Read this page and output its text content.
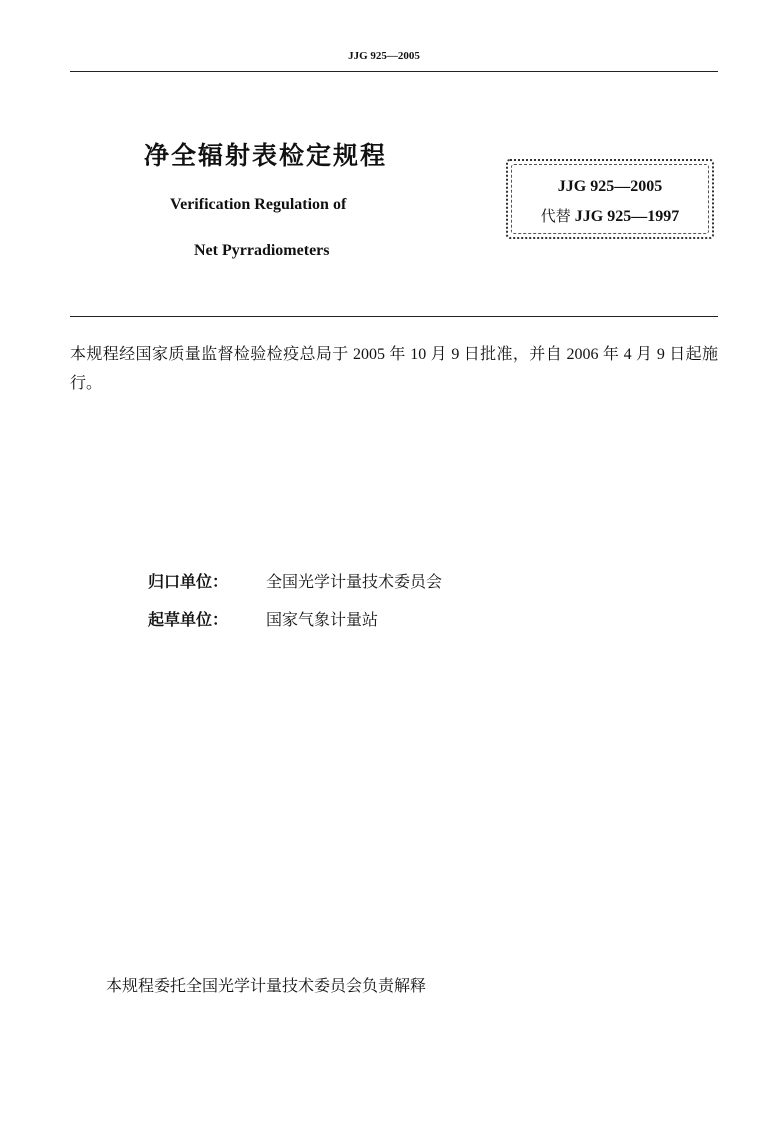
JJG 925—2005
净全辐射表检定规程
Verification Regulation of
Net Pyrradiometers
JJG 925—2005
代替 JJG 925—1997
本规程经国家质量监督检验检疫总局于 2005 年 10 月 9 日批准，并自 2006 年 4 月 9 日起施行。
归口单位： 全国光学计量技术委员会
起草单位： 国家气象计量站
本规程委托全国光学计量技术委员会负责解释
